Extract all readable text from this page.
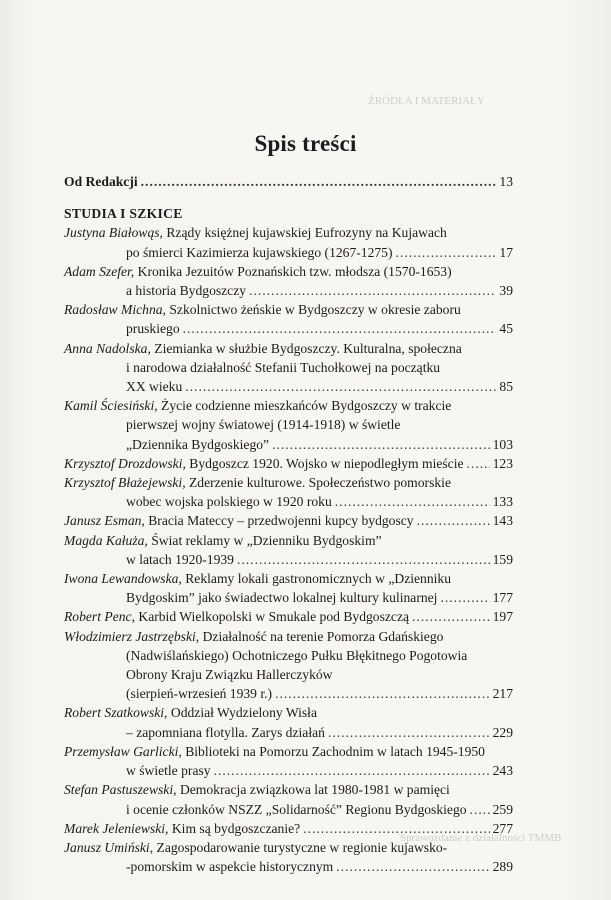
ŹRÓDŁA I MATERIAŁY
Sprawozdanie z działalności TMMB
Spis treści
Od Redakcji .....	13
STUDIA I SZKICE
Justyna Białowąs,
Rządy księżnej kujawskiej Eufrozyny na Kujawach
po śmierci Kazimierza kujawskiego (1267-1275) .....	17
Adam Szefer,
Kronika Jezuitów Poznańskich tzw. młodsza (1570-1653)
a historia Bydgoszczy .....	39
Radosław Michna,
Szkolnictwo żeńskie w Bydgoszczy w okresie zaboru
pruskiego .....	45
Anna Nadolska,
Ziemianka w służbie Bydgoszczy. Kulturalna, społeczna
i narodowa działalność Stefanii Tuchołkowej na początku
XX wieku .....	85
Kamil Ściesiński,
Życie codzienne mieszkańców Bydgoszczy w trakcie
pierwszej wojny światowej (1914-1918) w świetle
„Dziennika Bydgoskiego” .....	103
Krzysztof Drozdowski,
Bydgoszcz 1920. Wojsko w niepodległym mieście ..... 123
Krzysztof Błażejewski,
Zderzenie kulturowe. Społeczeństwo pomorskie
wobec wojska polskiego w 1920 roku .....	133
Janusz Esman,
Bracia Mateccy – przedwojenni kupcy bydgoscy .....	143
Magda Kałuża,
Świat reklamy w „Dzienniku Bydgoskim”
w latach 1920-1939 .....	159
Iwona Lewandowska,
Reklamy lokali gastronomicznych w „Dzienniku
Bydgoskim” jako świadectwo lokalnej kultury kulinarnej .....	177
Robert Penc,
Karbid Wielkopolski w Smukale pod Bydgoszczą .....	197
Włodzimierz Jastrzębski,
Działalność na terenie Pomorza Gdańskiego
(Nadwiślańskiego) Ochotniczego Pułku Błękitnego Pogotowia
Obrony Kraju Związku Hallerczyków
(sierpień-wrzesień 1939 r.) .....	217
Robert Szatkowski,
Oddział Wydzielony Wisła
– zapomniana flotylla. Zarys działań .....	229
Przemysław Garlicki,
Biblioteki na Pomorzu Zachodnim w latach 1945-1950
w świetle prasy .....	243
Stefan Pastuszewski,
Demokracja związkowa lat 1980-1981 w pamięci
i ocenie członków NSZZ „Solidarność” Regionu Bydgoskiego ..... 259
Marek Jeleniewski,
Kim są bydgoszczanie? .....	277
Janusz Umiński,
Zagospodarowanie turystyczne w regionie kujawsko-
-pomorskim w aspekcie historycznym .....	289
